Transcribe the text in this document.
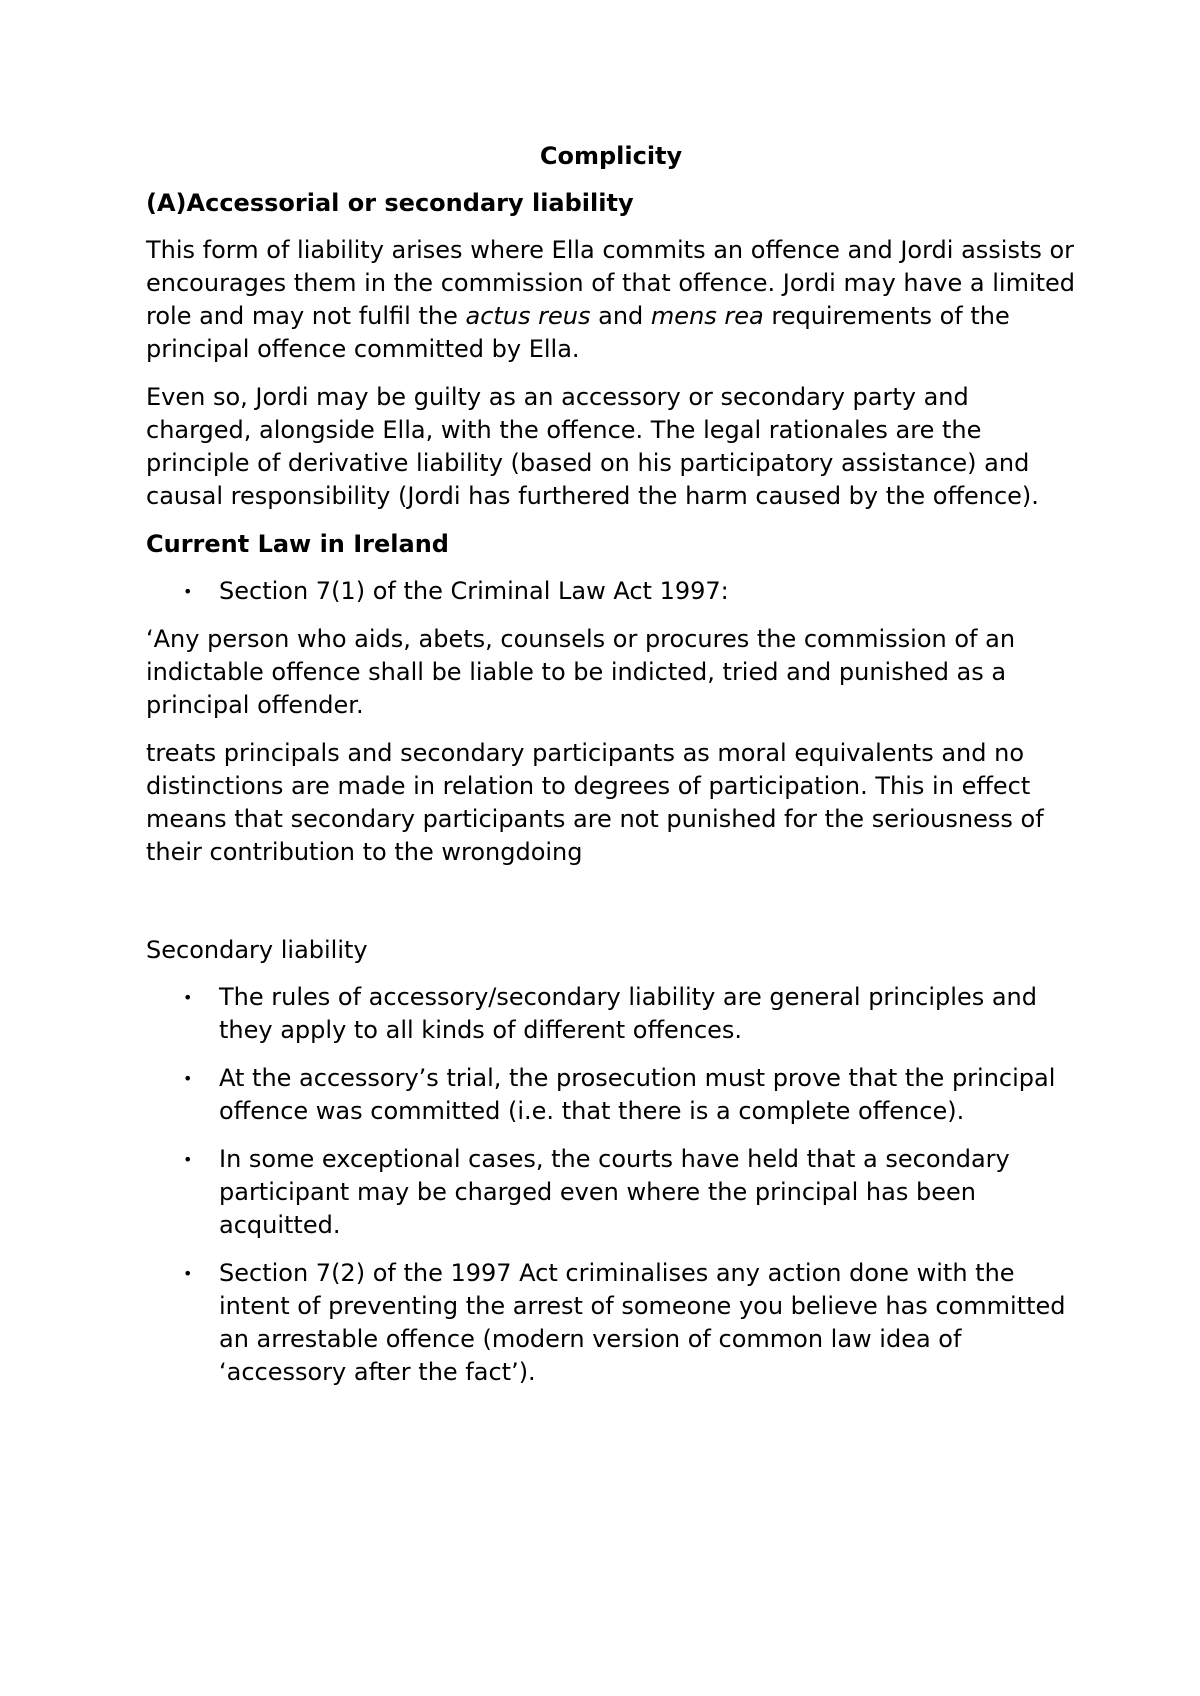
Complicity
(A)Accessorial or secondary liability

This form of liability arises where Ella commits an offence and Jordi assists or encourages them in the commission of that offence. Jordi may have a limited role and may not fulfil the actus reus and mens rea requirements of the principal offence committed by Ella.

Even so, Jordi may be guilty as an accessory or secondary party and charged, alongside Ella, with the offence. The legal rationales are the principle of derivative liability (based on his participatory assistance) and causal responsibility (Jordi has furthered the harm caused by the offence).

Current Law in Ireland
• Section 7(1) of the Criminal Law Act 1997:

‘Any person who aids, abets, counsels or procures the commission of an indictable offence shall be liable to be indicted, tried and punished as a principal offender.

treats principals and secondary participants as moral equivalents and no distinctions are made in relation to degrees of participation. This in effect means that secondary participants are not punished for the seriousness of their contribution to the wrongdoing

Secondary liability
• The rules of accessory/secondary liability are general principles and they apply to all kinds of different offences.
• At the accessory’s trial, the prosecution must prove that the principal offence was committed (i.e. that there is a complete offence).
• In some exceptional cases, the courts have held that a secondary participant may be charged even where the principal has been acquitted.
• Section 7(2) of the 1997 Act criminalises any action done with the intent of preventing the arrest of someone you believe has committed an arrestable offence (modern version of common law idea of ‘accessory after the fact’).
